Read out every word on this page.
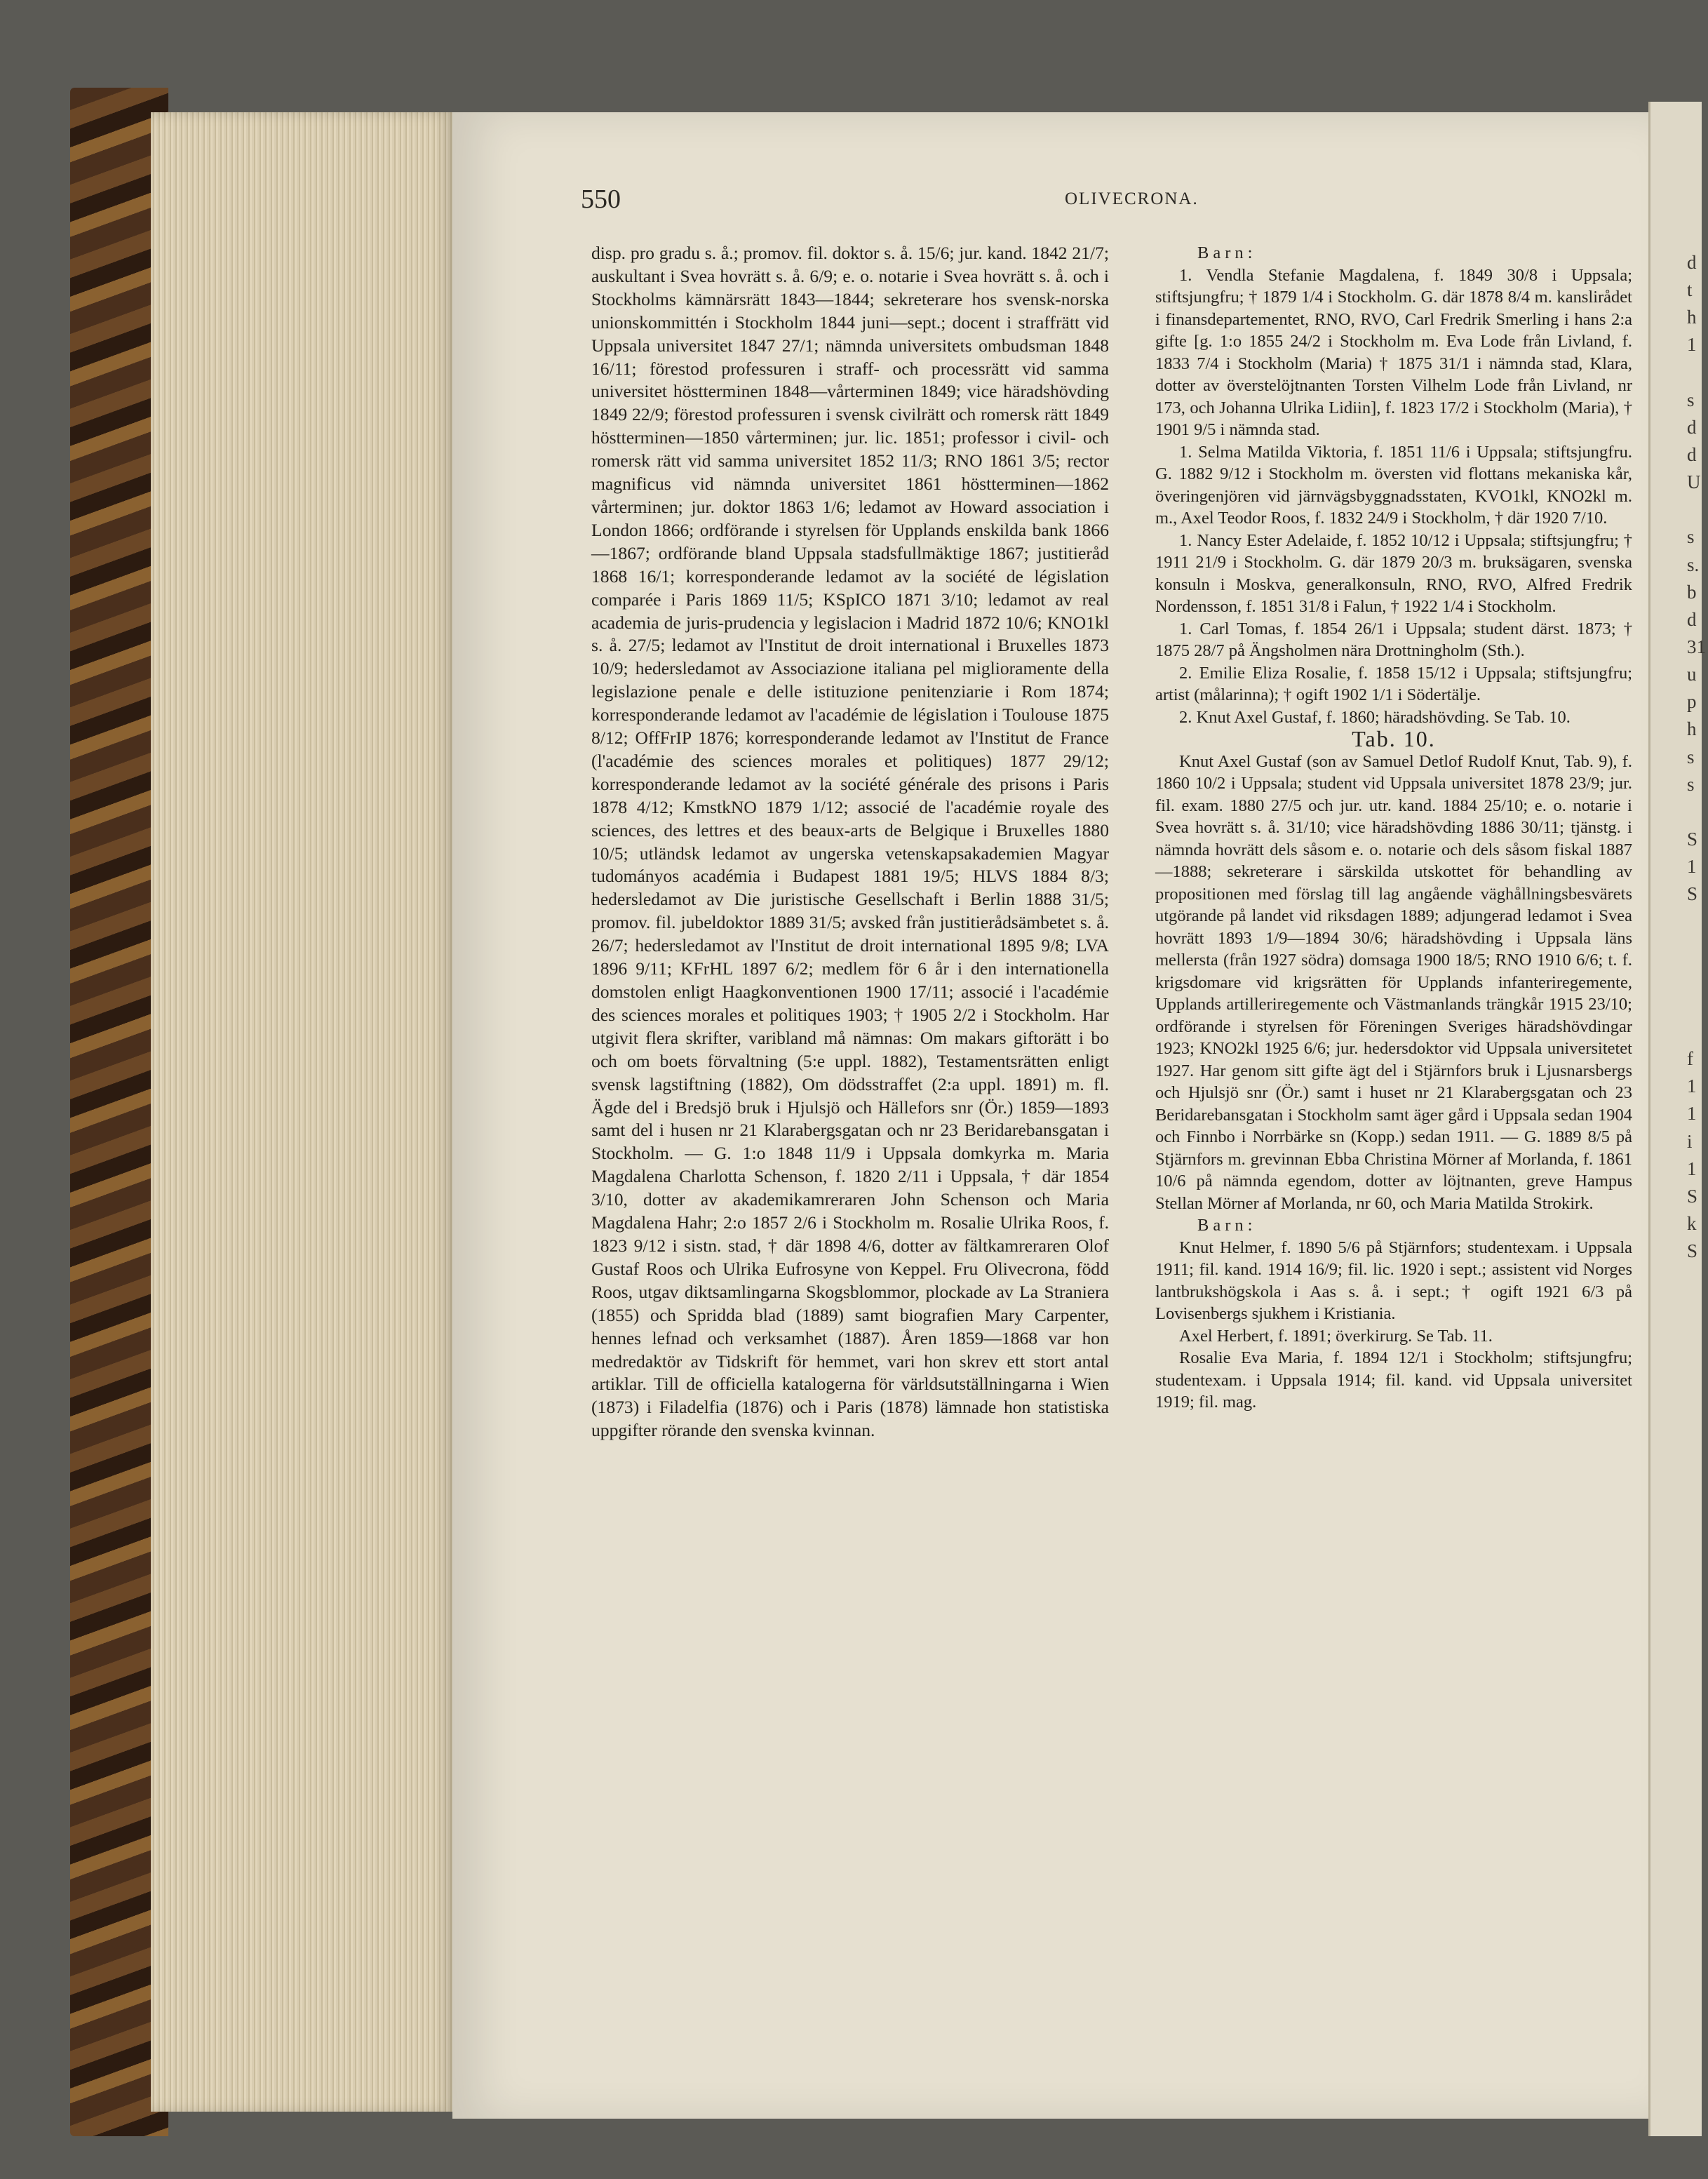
d
t
h
1

s
d
d
U

s
s.
b
d
31
u
p
h
s
s

S
1
S

f
1
1
i
1
S
k
S
550	OLIVECRONA.

disp. pro gradu s. å.; promov. fil. doktor s. å. 15/6; jur. kand. 1842 21/7; auskultant i Svea hovrätt s. å. 6/9; e. o. notarie i Svea hovrätt s. å. och i Stockholms kämnärsrätt 1843—1844; sekreterare hos svensk-norska unionskommittén i Stockholm 1844 juni—sept.; docent i straffrätt vid Uppsala universitet 1847 27/1; nämnda universitets ombudsman 1848 16/11; förestod professuren i straff- och processrätt vid samma universitet höstterminen 1848—vårterminen 1849; vice häradshövding 1849 22/9; förestod professuren i svensk civilrätt och romersk rätt 1849 höstterminen—1850 vårterminen; jur. lic. 1851; professor i civil- och romersk rätt vid samma universitet 1852 11/3; RNO 1861 3/5; rector magnificus vid nämnda universitet 1861 höstterminen—1862 vårterminen; jur. doktor 1863 1/6; ledamot av Howard association i London 1866; ordförande i styrelsen för Upplands enskilda bank 1866—1867; ordförande bland Uppsala stadsfullmäktige 1867; justitieråd 1868 16/1; korresponderande ledamot av la société de législation comparée i Paris 1869 11/5; KSpICO 1871 3/10; ledamot av real academia de juris-prudencia y legislacion i Madrid 1872 10/6; KNO1kl s. å. 27/5; ledamot av l'Institut de droit international i Bruxelles 1873 10/9; hedersledamot av Associazione italiana pel miglioramente della legislazione penale e delle istituzione penitenziarie i Rom 1874; korresponderande ledamot av l'académie de législation i Toulouse 1875 8/12; OffFrIP 1876; korresponderande ledamot av l'Institut de France (l'académie des sciences morales et politiques) 1877 29/12; korresponderande ledamot av la société générale des prisons i Paris 1878 4/12; KmstkNO 1879 1/12; associé de l'académie royale des sciences, des lettres et des beaux-arts de Belgique i Bruxelles 1880 10/5; utländsk ledamot av ungerska vetenskapsakademien Magyar tudományos académia i Budapest 1881 19/5; HLVS 1884 8/3; hedersledamot av Die juristische Gesellschaft i Berlin 1888 31/5; promov. fil. jubeldoktor 1889 31/5; avsked från justitierådsämbetet s. å. 26/7; hedersledamot av l'Institut de droit international 1895 9/8; LVA 1896 9/11; KFrHL 1897 6/2; medlem för 6 år i den internationella domstolen enligt Haagkonventionen 1900 17/11; associé i l'académie des sciences morales et politiques 1903; † 1905 2/2 i Stockholm. Har utgivit flera skrifter, varibland må nämnas: Om makars giftorätt i bo och om boets förvaltning (5:e uppl. 1882), Testamentsrätten enligt svensk lagstiftning (1882), Om dödsstraffet (2:a uppl. 1891) m. fl. Ägde del i Bredsjö bruk i Hjulsjö och Hällefors snr (Ör.) 1859—1893 samt del i husen nr 21 Klarabergsgatan och nr 23 Beridarebansgatan i Stockholm. — G. 1:o 1848 11/9 i Uppsala domkyrka m. Maria Magdalena Charlotta Schenson, f. 1820 2/11 i Uppsala, † där 1854 3/10, dotter av akademikamreraren John Schenson och Maria Magdalena Hahr; 2:o 1857 2/6 i Stockholm m. Rosalie Ulrika Roos, f. 1823 9/12 i sistn. stad, † där 1898 4/6, dotter av fältkamreraren Olof Gustaf Roos och Ulrika Eufrosyne von Keppel. Fru Olivecrona, född Roos, utgav diktsamlingarna Skogsblommor, plockade av La Straniera (1855) och Spridda blad (1889) samt biografien Mary Carpenter, hennes lefnad och verksamhet (1887). Åren 1859—1868 var hon medredaktör av Tidskrift för hemmet, vari hon skrev ett stort antal artiklar. Till de officiella katalogerna för världsutställningarna i Wien (1873) i Filadelfia (1876) och i Paris (1878) lämnade hon statistiska uppgifter rörande den svenska kvinnan.

Barn:

1. Vendla Stefanie Magdalena, f. 1849 30/8 i Uppsala; stiftsjungfru; † 1879 1/4 i Stockholm. G. där 1878 8/4 m. kanslirådet i finansdepartementet, RNO, RVO, Carl Fredrik Smerling i hans 2:a gifte [g. 1:o 1855 24/2 i Stockholm m. Eva Lode från Livland, f. 1833 7/4 i Stockholm (Maria) † 1875 31/1 i nämnda stad, Klara, dotter av överstelöjtnanten Torsten Vilhelm Lode från Livland, nr 173, och Johanna Ulrika Lidiin], f. 1823 17/2 i Stockholm (Maria), † 1901 9/5 i nämnda stad.

1. Selma Matilda Viktoria, f. 1851 11/6 i Uppsala; stiftsjungfru. G. 1882 9/12 i Stockholm m. översten vid flottans mekaniska kår, överingenjören vid järnvägsbyggnadsstaten, KVO1kl, KNO2kl m. m., Axel Teodor Roos, f. 1832 24/9 i Stockholm, † där 1920 7/10.

1. Nancy Ester Adelaide, f. 1852 10/12 i Uppsala; stiftsjungfru; † 1911 21/9 i Stockholm. G. där 1879 20/3 m. bruksägaren, svenska konsuln i Moskva, generalkonsuln, RNO, RVO, Alfred Fredrik Nordensson, f. 1851 31/8 i Falun, † 1922 1/4 i Stockholm.

1. Carl Tomas, f. 1854 26/1 i Uppsala; student därst. 1873; † 1875 28/7 på Ängsholmen nära Drottningholm (Sth.).

2. Emilie Eliza Rosalie, f. 1858 15/12 i Uppsala; stiftsjungfru; artist (målarinna); † ogift 1902 1/1 i Södertälje.

2. Knut Axel Gustaf, f. 1860; häradshövding. Se Tab. 10.

Tab. 10.

Knut Axel Gustaf (son av Samuel Detlof Rudolf Knut, Tab. 9), f. 1860 10/2 i Uppsala; student vid Uppsala universitet 1878 23/9; jur. fil. exam. 1880 27/5 och jur. utr. kand. 1884 25/10; e. o. notarie i Svea hovrätt s. å. 31/10; vice häradshövding 1886 30/11; tjänstg. i nämnda hovrätt dels såsom e. o. notarie och dels såsom fiskal 1887—1888; sekreterare i särskilda utskottet för behandling av propositionen med förslag till lag angående väghållningsbesvärets utgörande på landet vid riksdagen 1889; adjungerad ledamot i Svea hovrätt 1893 1/9—1894 30/6; häradshövding i Uppsala läns mellersta (från 1927 södra) domsaga 1900 18/5; RNO 1910 6/6; t. f. krigsdomare vid krigsrätten för Upplands infanteriregemente, Upplands artilleriregemente och Västmanlands trängkår 1915 23/10; ordförande i styrelsen för Föreningen Sveriges häradshövdingar 1923; KNO2kl 1925 6/6; jur. hedersdoktor vid Uppsala universitetet 1927. Har genom sitt gifte ägt del i Stjärnfors bruk i Ljusnarsbergs och Hjulsjö snr (Ör.) samt i huset nr 21 Klarabergsgatan och 23 Beridarebansgatan i Stockholm samt äger gård i Uppsala sedan 1904 och Finnbo i Norrbärke sn (Kopp.) sedan 1911. — G. 1889 8/5 på Stjärnfors m. grevinnan Ebba Christina Mörner af Morlanda, f. 1861 10/6 på nämnda egendom, dotter av löjtnanten, greve Hampus Stellan Mörner af Morlanda, nr 60, och Maria Matilda Strokirk.

Barn:

Knut Helmer, f. 1890 5/6 på Stjärnfors; studentexam. i Uppsala 1911; fil. kand. 1914 16/9; fil. lic. 1920 i sept.; assistent vid Norges lantbrukshögskola i Aas s. å. i sept.; † ogift 1921 6/3 på Lovisenbergs sjukhem i Kristiania.

Axel Herbert, f. 1891; överkirurg. Se Tab. 11.

Rosalie Eva Maria, f. 1894 12/1 i Stockholm; stiftsjungfru; studentexam. i Uppsala 1914; fil. kand. vid Uppsala universitet 1919; fil. mag.
